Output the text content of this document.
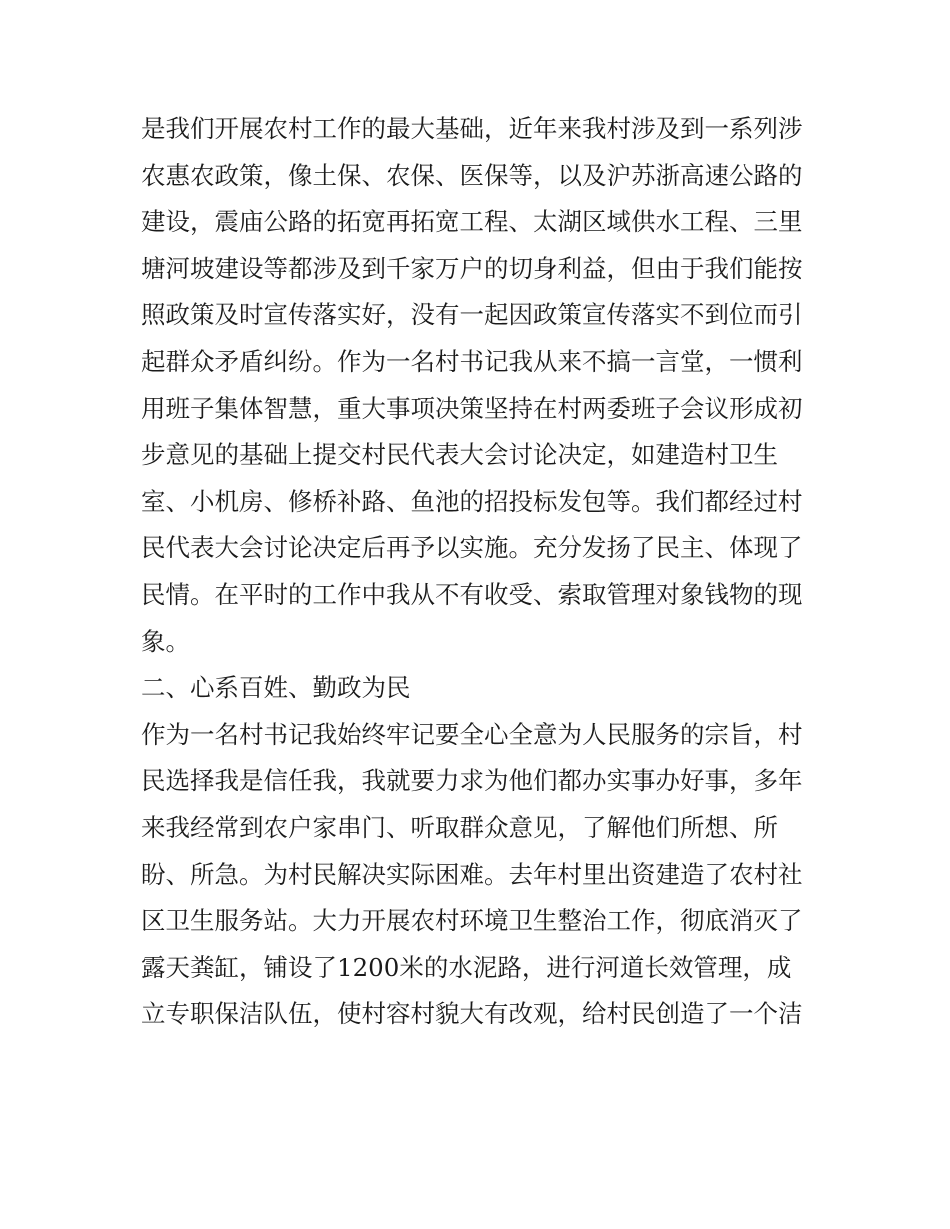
是我们开展农村工作的最大基础，近年来我村涉及到一系列涉
农惠农政策，像土保、农保、医保等，以及沪苏浙高速公路的
建设，震庙公路的拓宽再拓宽工程、太湖区域供水工程、三里
塘河坡建设等都涉及到千家万户的切身利益，但由于我们能按
照政策及时宣传落实好，没有一起因政策宣传落实不到位而引
起群众矛盾纠纷。作为一名村书记我从来不搞一言堂，一惯利
用班子集体智慧，重大事项决策坚持在村两委班子会议形成初
步意见的基础上提交村民代表大会讨论决定，如建造村卫生
室、小机房、修桥补路、鱼池的招投标发包等。我们都经过村
民代表大会讨论决定后再予以实施。充分发扬了民主、体现了
民情。在平时的工作中我从不有收受、索取管理对象钱物的现
象。
二、心系百姓、勤政为民
作为一名村书记我始终牢记要全心全意为人民服务的宗旨，村
民选择我是信任我，我就要力求为他们都办实事办好事，多年
来我经常到农户家串门、听取群众意见，了解他们所想、所
盼、所急。为村民解决实际困难。去年村里出资建造了农村社
区卫生服务站。大力开展农村环境卫生整治工作，彻底消灭了
露天粪缸，铺设了1200米的水泥路，进行河道长效管理，成
立专职保洁队伍，使村容村貌大有改观，给村民创造了一个洁
